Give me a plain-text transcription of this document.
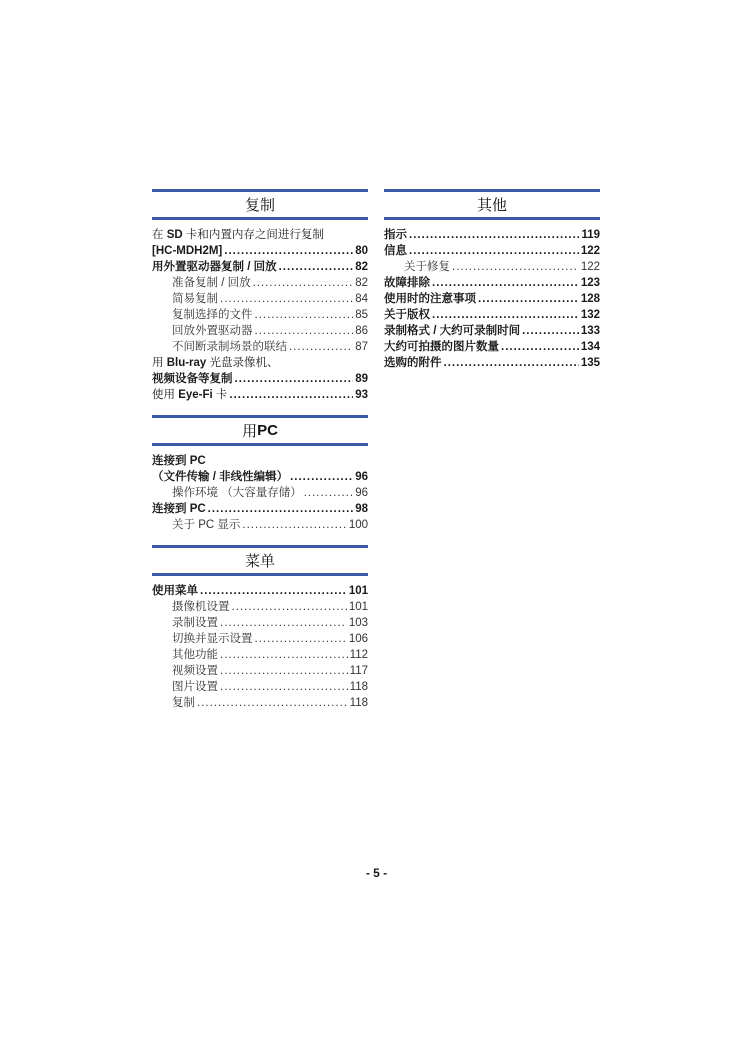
复制
在 SD 卡和内置内存之间进行复制
[HC-MDH2M] .....	80
用外置驱动器复制 / 回放 .....	82
准备复制 / 回放 .....	82
简易复制 .....	84
复制选择的文件 .....	85
回放外置驱动器 .....	86
不间断录制场景的联结 .....	87
用 Blu-ray 光盘录像机、
视频设备等复制 .....	89
使用 Eye-Fi 卡 .....	93
用 PC
连接到 PC
（文件传输 / 非线性编辑） .....	96
操作环境 （大容量存储） .....	96
连接到 PC .....	98
关于 PC 显示 .....	100
菜单
使用菜单 .....	101
摄像机设置 .....	101
录制设置 .....	103
切换并显示设置 .....	106
其他功能 .....	112
视频设置 .....	117
图片设置 .....	118
复制 .....	118
其他
指示 .....	119
信息 .....	122
关于修复 .....	122
故障排除 .....	123
使用时的注意事项 .....	128
关于版权 .....	132
录制格式 / 大约可录制时间 .....	133
大约可拍摄的图片数量 .....	134
选购的附件 .....	135
- 5 -
